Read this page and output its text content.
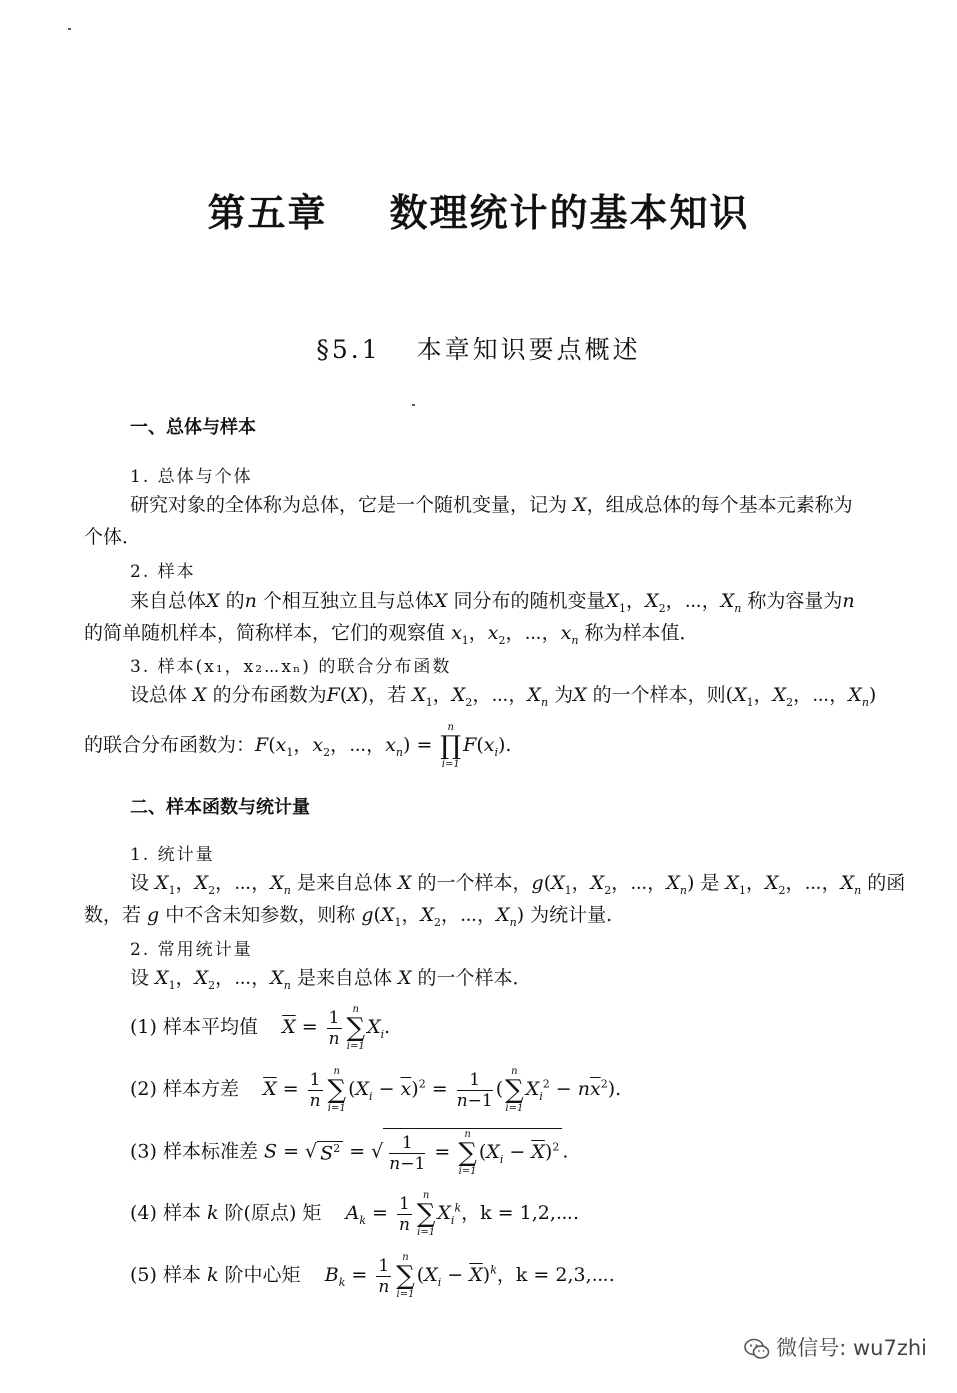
第五章 数理统计的基本知识
§5.1 本章知识要点概述
一、总体与样本
1. 总体与个体
研究对象的全体称为总体，它是一个随机变量，记为 X，组成总体的每个基本元素称为
个体．
2. 样本
来自总体X 的n 个相互独立且与总体X 同分布的随机变量$X_1$，$X_2$，⋯，$X_n$ 称为容量为n
的简单随机样本，简称样本，它们的观察值 $x_1$，$x_2$，⋯，$x_n$ 称为样本值．
3. 样本(x₁，x₂⋯xₙ) 的联合分布函数
设总体 X 的分布函数为F(X)，若 $X_1$，$X_2$，⋯，$X_n$ 为X 的一个样本，则($X_1$，$X_2$，⋯，$X_n$)
的联合分布函数为：$F(x_1$，$x_2$，⋯，$x_n$) =
n
∏
i=1
$F(x_i)$.
二、样本函数与统计量
1. 统计量
设 $X_1$，$X_2$，⋯，$X_n$ 是来自总体 X 的一个样本，$g(X_1$，$X_2$，⋯，$X_n$) 是 $X_1$，$X_2$，⋯，$X_n$ 的函
数，若 g 中不含未知参数，则称 $g(X_1$，$X_2$，⋯，$X_n$) 为统计量.
2. 常用统计量
设 $X_1$，$X_2$，⋯，$X_n$ 是来自总体 X 的一个样本．
(1) 样本平均值 $\overline{X} = \frac{1}{n}$	n
∑
i=1
$X_i$.
(2) 样本方差 $\overline{X} = \frac{1}{n}$	n
∑
i=1
$(X_i - \overline{x})^2 = \frac{1}{n-1}$ (
n
∑
i=1
$X_i^2 - n\overline{x}^2$).
(3) 样本标准差 S = √ $S^2$ = √ $\frac{1}{n-1}$ =
n
∑
i=1
$(X_i - \overline{X})^2$ .
(4) 样本 k 阶(原点) 矩 $A_k = \frac{1}{n}$	n
∑
i=1
$X_i^k$，k = 1,2,⋯.
(5) 样本 k 阶中心矩 $B_k = \frac{1}{n}$	n
∑
i=1
$(X_i - \overline{X})^k$，k = 2,3,⋯.
微信号: wu7zhi
